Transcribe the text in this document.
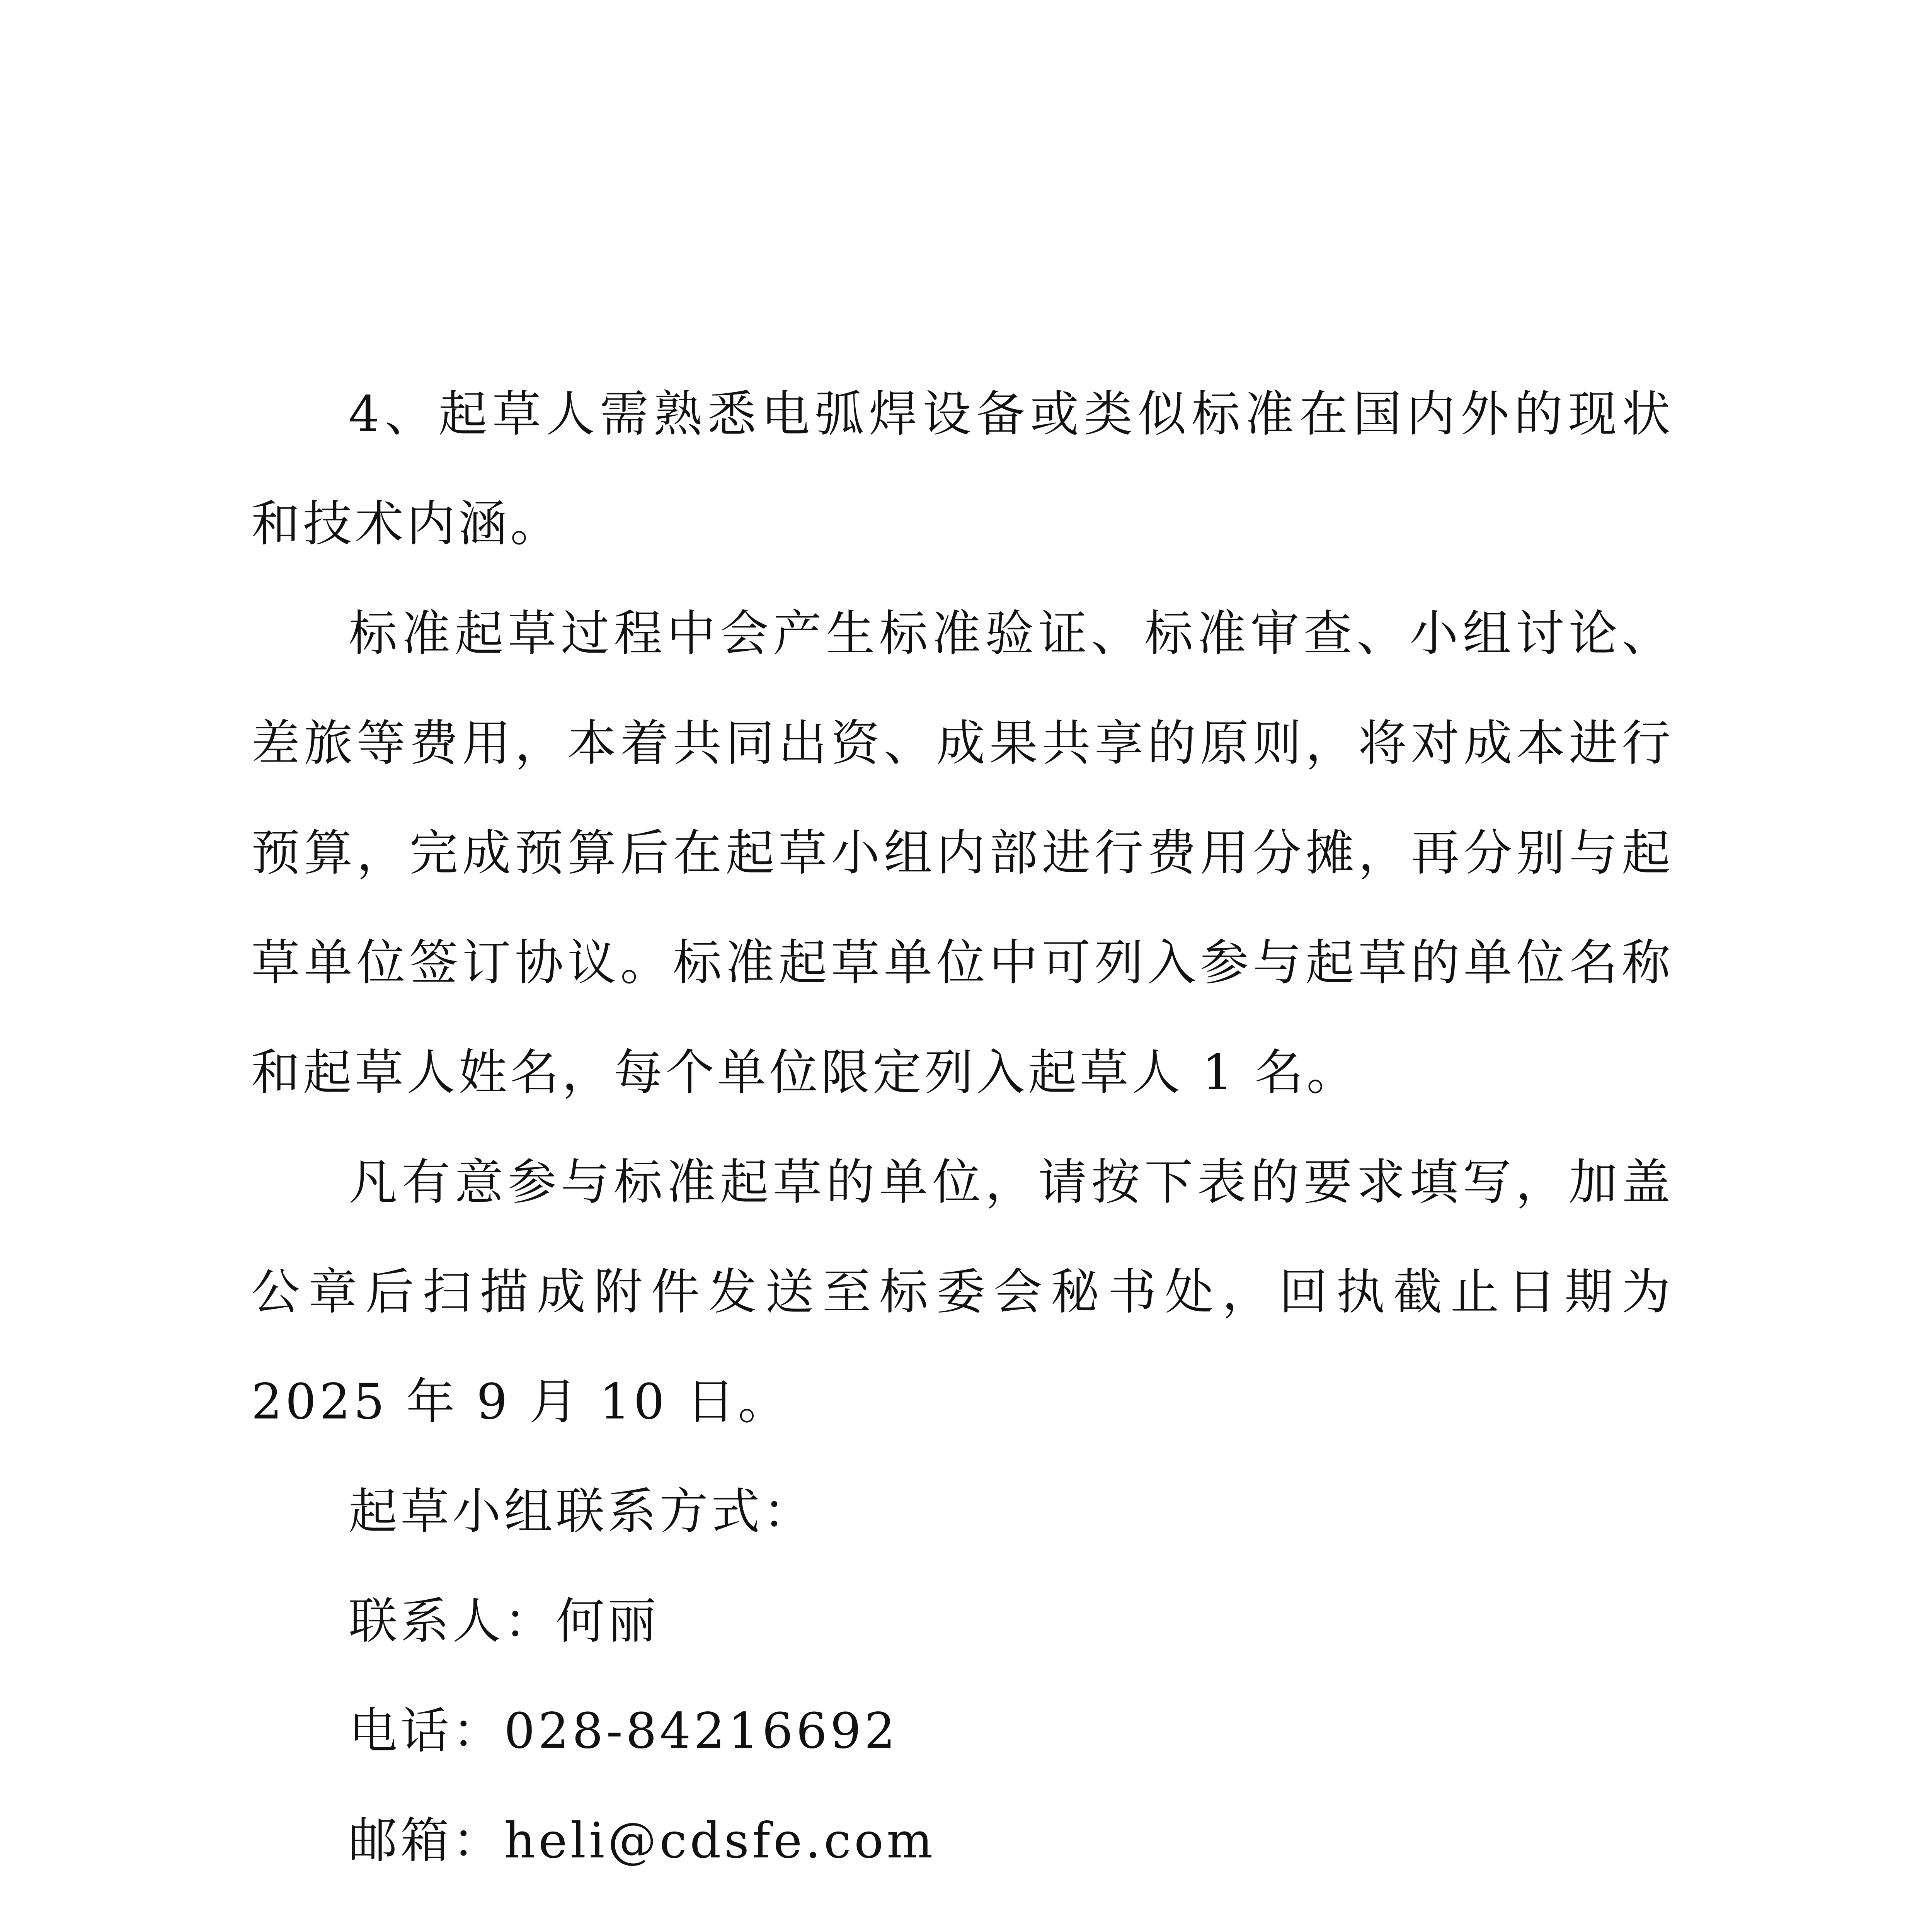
4、起草人需熟悉电弧焊设备或类似标准在国内外的现状和技术内涵。

标准起草过程中会产生标准验证、标准审查、小组讨论、差旅等费用，本着共同出资、成果共享的原则，将对成本进行预算，完成预算后在起草小组内部进行费用分摊，再分别与起草单位签订协议。标准起草单位中可列入参与起草的单位名称和起草人姓名，每个单位限定列入起草人 1 名。

凡有意参与标准起草的单位，请按下表的要求填写，加盖公章后扫描成附件发送至标委会秘书处，回执截止日期为 2025 年 9 月 10 日。

起草小组联系方式：

联系人：何丽

电话：028-84216692

邮箱：heli@cdsfe.com
